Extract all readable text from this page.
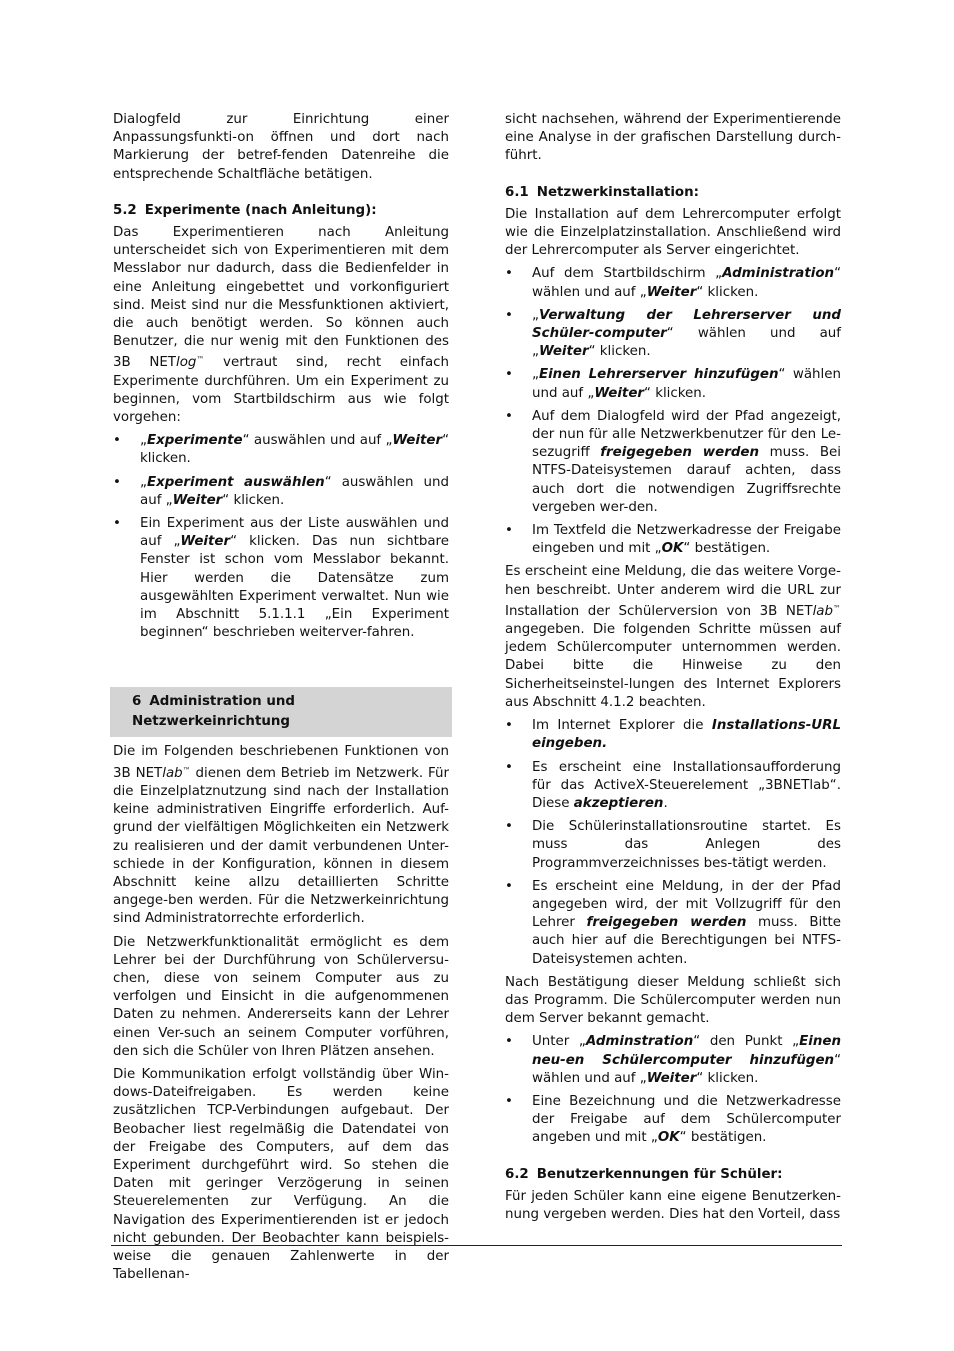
Dialogfeld zur Einrichtung einer Anpassungsfunkti-on öffnen und dort nach Markierung der betref-fenden Datenreihe die entsprechende Schaltfläche betätigen.

5.2 Experimente (nach Anleitung):

Das Experimentieren nach Anleitung unterscheidet sich von Experimentieren mit dem Messlabor nur dadurch, dass die Bedienfelder in eine Anleitung eingebettet und vorkonfiguriert sind. Meist sind nur die Messfunktionen aktiviert, die auch benötigt werden. So können auch Benutzer, die nur wenig mit den Funktionen des 3B NETlog™ vertraut sind, recht einfach Experimente durchführen. Um ein Experiment zu beginnen, vom Startbildschirm aus wie folgt vorgehen:

• „Experimente“ auswählen und auf „Weiter“ klicken.
• „Experiment auswählen“ auswählen und auf „Weiter“ klicken.
• Ein Experiment aus der Liste auswählen und auf „Weiter“ klicken. Das nun sichtbare Fenster ist schon vom Messlabor bekannt. Hier werden die Datensätze zum ausgewählten Experiment verwaltet. Nun wie im Abschnitt 5.1.1.1 „Ein Experiment beginnen“ beschrieben weiterver-fahren.
6 Administration und Netzwerkeinrichtung

Die im Folgenden beschriebenen Funktionen von 3B NETlab™ dienen dem Betrieb im Netzwerk. Für die Einzelplatznutzung sind nach der Installation keine administrativen Eingriffe erforderlich. Auf-grund der vielfältigen Möglichkeiten ein Netzwerk zu realisieren und der damit verbundenen Unter-schiede in der Konfiguration, können in diesem Abschnitt keine allzu detaillierten Schritte angege-ben werden. Für die Netzwerkeinrichtung sind Administratorrechte erforderlich.

Die Netzwerkfunktionalität ermöglicht es dem Lehrer bei der Durchführung von Schülerversu-chen, diese von seinem Computer aus zu verfolgen und Einsicht in die aufgenommenen Daten zu nehmen. Andererseits kann der Lehrer einen Ver-such an seinem Computer vorführen, den sich die Schüler von Ihren Plätzen ansehen.

Die Kommunikation erfolgt vollständig über Win-dows-Dateifreigaben. Es werden keine zusätzlichen TCP-Verbindungen aufgebaut. Der Beobacher liest regelmäßig die Datendatei von der Freigabe des Computers, auf dem das Experiment durchgeführt wird. So stehen die Daten mit geringer Verzögerung in seinen Steuerelementen zur Verfügung. An die Navigation des Experimentierenden ist er jedoch nicht gebunden. Der Beobachter kann beispiels-weise die genauen Zahlenwerte in der Tabellenan-

sicht nachsehen, während der Experimentierende eine Analyse in der grafischen Darstellung durch-führt.

6.1 Netzwerkinstallation:

Die Installation auf dem Lehrercomputer erfolgt wie die Einzelplatzinstallation. Anschließend wird der Lehrercomputer als Server eingerichtet.

• Auf dem Startbildschirm „Administration“ wählen und auf „Weiter“ klicken.
• „Verwaltung der Lehrerserver und Schüler-computer“ wählen und auf „Weiter“ klicken.
• „Einen Lehrerserver hinzufügen“ wählen und auf „Weiter“ klicken.
• Auf dem Dialogfeld wird der Pfad angezeigt, der nun für alle Netzwerkbenutzer für den Le-sezugriff freigegeben werden muss. Bei NTFS-Dateisystemen darauf achten, dass auch dort die notwendigen Zugriffsrechte vergeben wer-den.
• Im Textfeld die Netzwerkadresse der Freigabe eingeben und mit „OK“ bestätigen.

Es erscheint eine Meldung, die das weitere Vorge-hen beschreibt. Unter anderem wird die URL zur Installation der Schülerversion von 3B NETlab™ angegeben. Die folgenden Schritte müssen auf jedem Schülercomputer unternommen werden. Dabei bitte die Hinweise zu den Sicherheitseinstel-lungen des Internet Explorers aus Abschnitt 4.1.2 beachten.

• Im Internet Explorer die Installations-URL eingeben.
• Es erscheint eine Installationsaufforderung für das ActiveX-Steuerelement „3BNETlab“. Diese akzeptieren.
• Die Schülerinstallationsroutine startet. Es muss das Anlegen des Programmverzeichnisses bes-tätigt werden.
• Es erscheint eine Meldung, in der der Pfad angegeben wird, der mit Vollzugriff für den Lehrer freigegeben werden muss. Bitte auch hier auf die Berechtigungen bei NTFS-Dateisystemen achten.

Nach Bestätigung dieser Meldung schließt sich das Programm. Die Schülercomputer werden nun dem Server bekannt gemacht.

• Unter „Adminstration“ den Punkt „Einen neu-en Schülercomputer hinzufügen“ wählen und auf „Weiter“ klicken.
• Eine Bezeichnung und die Netzwerkadresse der Freigabe auf dem Schülercomputer angeben und mit „OK“ bestätigen.
6.2 Benutzerkennungen für Schüler:

Für jeden Schüler kann eine eigene Benutzerken-nung vergeben werden. Dies hat den Vorteil, dass
